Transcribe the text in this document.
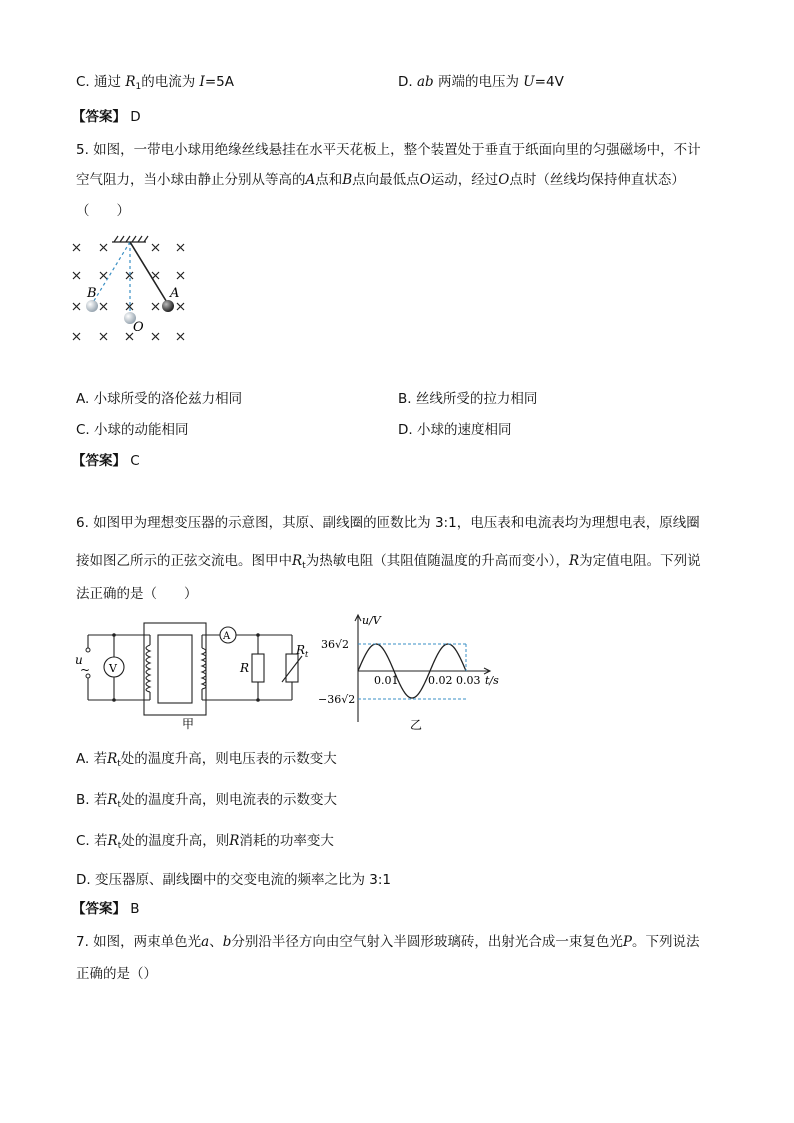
C. 通过 $R_1$的电流为 I=5A	D. ab 两端的电压为 U=4V
【答案】 D
5. 如图，一带电小球用绝缘丝线悬挂在水平天花板上，整个装置处于垂直于纸面向里的匀强磁场中，不计
空气阻力，当小球由静止分别从等高的A点和B点向最低点O运动，经过O点时（丝线均保持伸直状态）
（　　）
B	A
O
A. 小球所受的洛伦兹力相同	B. 丝线所受的拉力相同
C. 小球的动能相同	D. 小球的速度相同
【答案】 C
6. 如图甲为理想变压器的示意图，其原、副线圈的匝数比为 3:1，电压表和电流表均为理想电表，原线圈
接如图乙所示的正弦交流电。图甲中$R_t$为热敏电阻（其阻值随温度的升高而变小），R为定值电阻。下列说
法正确的是（　　）
u
~ V
A
R
$R_t$
甲
u/V
36√2
−36√2
0.01	0.02 0.03 t/s
乙
A. 若$R_t$处的温度升高，则电压表的示数变大
B. 若$R_t$处的温度升高，则电流表的示数变大
C. 若$R_t$处的温度升高，则R消耗的功率变大
D. 变压器原、副线圈中的交变电流的频率之比为 3:1
【答案】 B
7. 如图，两束单色光a、b分别沿半径方向由空气射入半圆形玻璃砖，出射光合成一束复色光P。下列说法
正确的是（）
